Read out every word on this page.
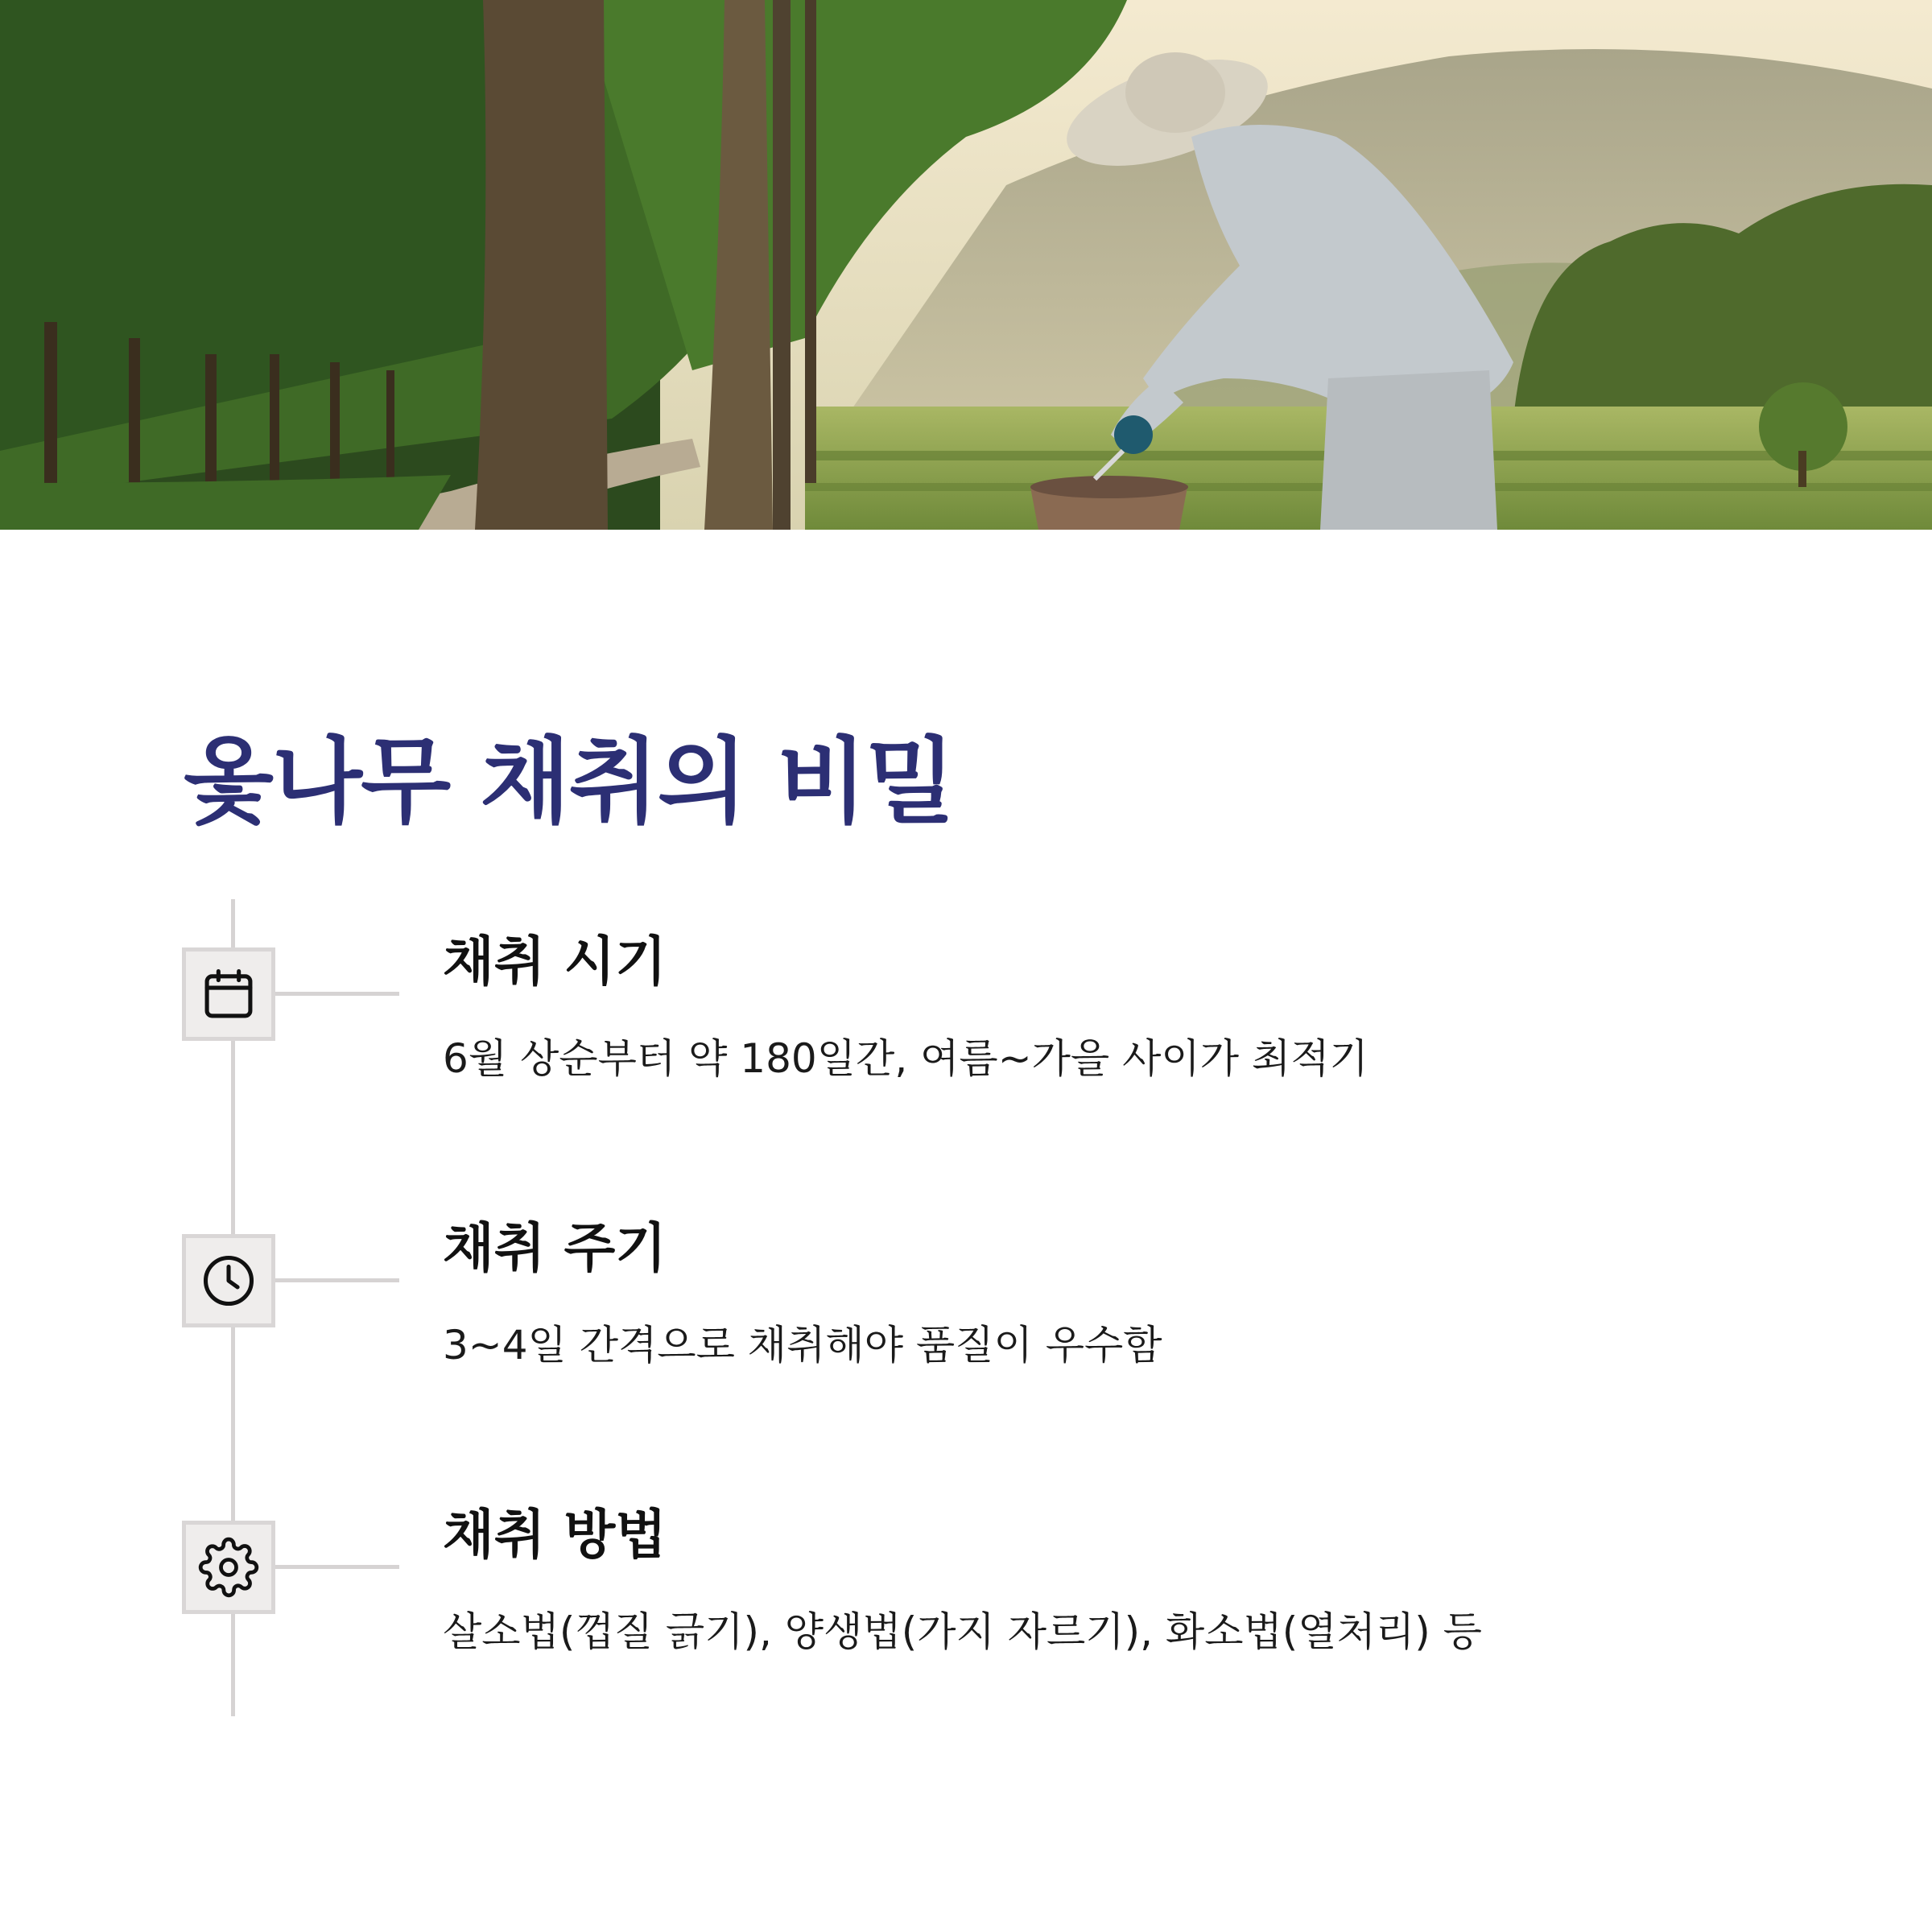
옻나무 채취의 비밀
채취 시기

6월 상순부터 약 180일간, 여름~가을 사이가 최적기

채취 주기

3~4일 간격으로 채취해야 품질이 우수함

채취 방법

살소법(껍질 긁기), 양생법(가지 자르기), 화소법(열처리) 등
